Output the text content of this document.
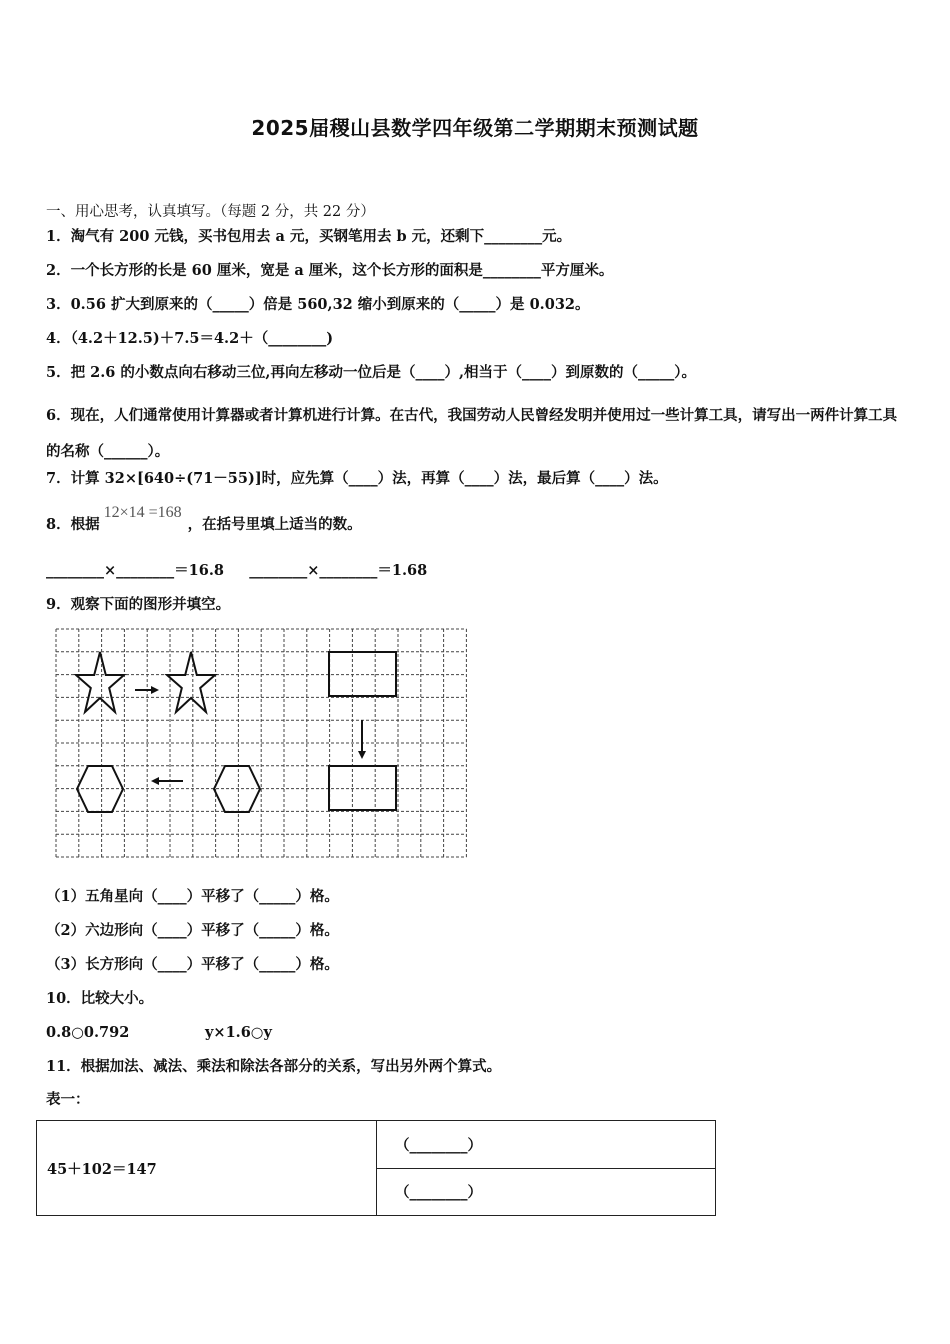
2025届稷山县数学四年级第二学期期末预测试题
一、用心思考，认真填写。（每题 2 分，共 22 分）
1．淘气有 200 元钱，买书包用去 a 元，买钢笔用去 b 元，还剩下________元。
2．一个长方形的长是 60 厘米，宽是 a 厘米，这个长方形的面积是________平方厘米。
3．0.56 扩大到原来的（_____）倍是 560,32 缩小到原来的（_____）是 0.032。
4．（4.2＋12.5)＋7.5＝4.2＋（________)
5．把 2.6 的小数点向右移动三位,再向左移动一位后是（____）,相当于（____）到原数的（_____）。
6．现在，人们通常使用计算器或者计算机进行计算。在古代，我国劳动人民曾经发明并使用过一些计算工具，请写出一两件计算工具的名称（______）。
7．计算 32×[640÷(71－55)]时，应先算（____）法，再算（____）法，最后算（____）法。
8．根据12×14 =168，在括号里填上适当的数。
________×________＝16.8     ________×________＝1.68
9．观察下面的图形并填空。
（1）五角星向（____）平移了（_____）格。
（2）六边形向（____）平移了（_____）格。
（3）长方形向（____）平移了（_____）格。
10．比较大小。
0.8○0.792               y×1.6○y
11．根据加法、减法、乘法和除法各部分的关系，写出另外两个算式。
表一：
45＋102＝147	（________）
（________）
